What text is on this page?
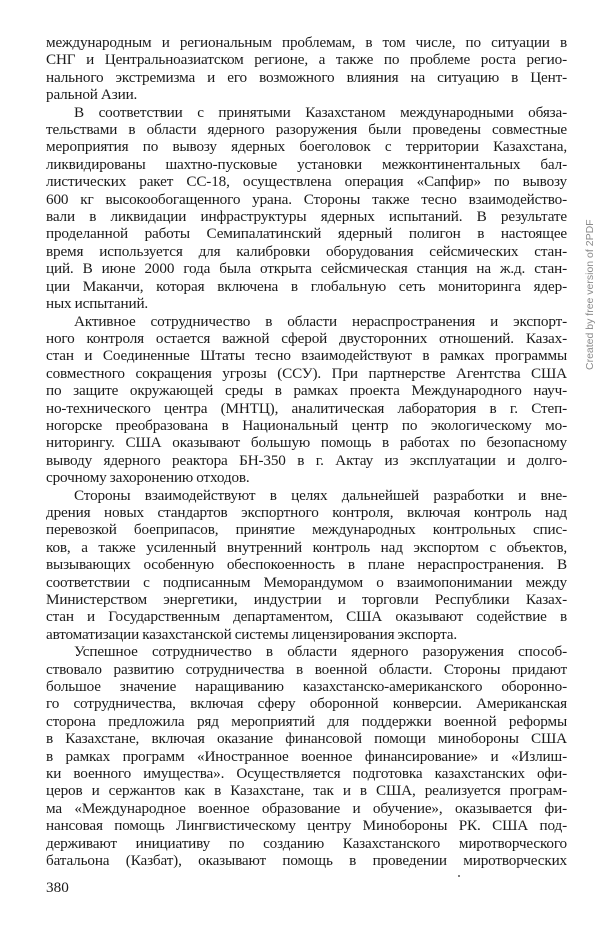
международным и региональным проблемам, в том числе, по ситуации в
СНГ и Центральноазиатском регионе, а также по проблеме роста регио-
нального экстремизма и его возможного влияния на ситуацию в Цент-
ральной Азии.

В соответствии с принятыми Казахстаном международными обяза-
тельствами в области ядерного разоружения были проведены совместные
мероприятия по вывозу ядерных боеголовок с территории Казахстана,
ликвидированы шахтно-пусковые установки межконтинентальных бал-
листических ракет СС-18, осуществлена операция «Сапфир» по вывозу
600 кг высокообогащенного урана. Стороны также тесно взаимодейство-
вали в ликвидации инфраструктуры ядерных испытаний. В результате
проделанной работы Семипалатинский ядерный полигон в настоящее
время используется для калибровки оборудования сейсмических стан-
ций. В июне 2000 года была открыта сейсмическая станция на ж.д. стан-
ции Маканчи, которая включена в глобальную сеть мониторинга ядер-
ных испытаний.

Активное сотрудничество в области нераспространения и экспорт-
ного контроля остается важной сферой двусторонних отношений. Казах-
стан и Соединенные Штаты тесно взаимодействуют в рамках программы
совместного сокращения угрозы (ССУ). При партнерстве Агентства США
по защите окружающей среды в рамках проекта Международного науч-
но-технического центра (МНТЦ), аналитическая лаборатория в г. Степ-
ногорске преобразована в Национальный центр по экологическому мо-
ниторингу. США оказывают большую помощь в работах по безопасному
выводу ядерного реактора БН-350 в г. Актау из эксплуатации и долго-
срочному захоронению отходов.

Стороны взаимодействуют в целях дальнейшей разработки и вне-
дрения новых стандартов экспортного контроля, включая контроль над
перевозкой боеприпасов, принятие международных контрольных спис-
ков, а также усиленный внутренний контроль над экспортом с объектов,
вызывающих особенную обеспокоенность в плане нераспространения. В
соответствии с подписанным Меморандумом о взаимопонимании между
Министерством энергетики, индустрии и торговли Республики Казах-
стан и Государственным департаментом, США оказывают содействие в
автоматизации казахстанской системы лицензирования экспорта.

Успешное сотрудничество в области ядерного разоружения способ-
ствовало развитию сотрудничества в военной области. Стороны придают
большое значение наращиванию казахстанско-американского оборонно-
го сотрудничества, включая сферу оборонной конверсии. Американская
сторона предложила ряд мероприятий для поддержки военной реформы
в Казахстане, включая оказание финансовой помощи минобороны США
в рамках программ «Иностранное военное финансирование» и «Излиш-
ки военного имущества». Осуществляется подготовка казахстанских офи-
церов и сержантов как в Казахстане, так и в США, реализуется програм-
ма «Международное военное образование и обучение», оказывается фи-
нансовая помощь Лингвистическому центру Минобороны РК. США под-
держивают инициативу по созданию Казахстанского миротворческого
батальона (Казбат), оказывают помощь в проведении миротворческих

380
Created by free version of 2PDF
